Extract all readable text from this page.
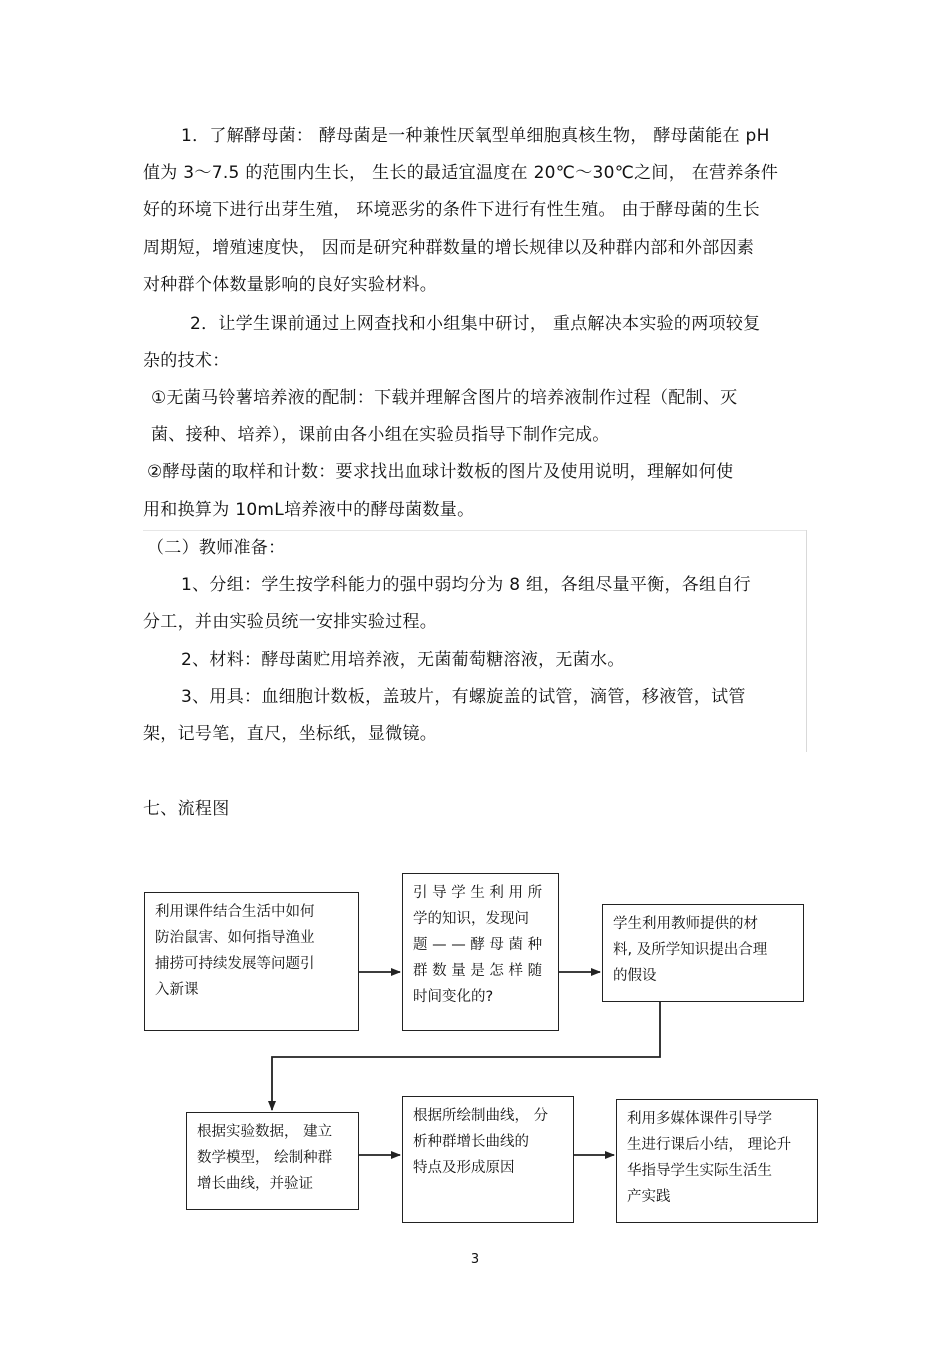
1．了解酵母菌： 酵母菌是一种兼性厌氧型单细胞真核生物， 酵母菌能在 pH
值为 3～7.5 的范围内生长， 生长的最适宜温度在 20℃～30℃之间， 在营养条件
好的环境下进行出芽生殖， 环境恶劣的条件下进行有性生殖。 由于酵母菌的生长
周期短，增殖速度快， 因而是研究种群数量的增长规律以及种群内部和外部因素
对种群个体数量影响的良好实验材料。
2．让学生课前通过上网查找和小组集中研讨， 重点解决本实验的两项较复
杂的技术：
①无菌马铃薯培养液的配制：下载并理解含图片的培养液制作过程（配制、灭
菌、接种、培养），课前由各小组在实验员指导下制作完成。
②酵母菌的取样和计数：要求找出血球计数板的图片及使用说明，理解如何使
用和换算为 10mL培养液中的酵母菌数量。
（二）教师准备：
1、分组：学生按学科能力的强中弱均分为 8 组，各组尽量平衡，各组自行
分工，并由实验员统一安排实验过程。
2、材料：酵母菌贮用培养液，无菌葡萄糖溶液，无菌水。
3、用具：血细胞计数板，盖玻片，有螺旋盖的试管，滴管，移液管，试管
架，记号笔，直尺，坐标纸，显微镜。
七、流程图
利用课件结合生活中如何
防治鼠害、如何指导渔业
捕捞可持续发展等问题引
入新课
引 导 学 生 利 用 所
学的知识，发现问
题 — — 酵 母 菌 种
群 数 量 是 怎 样 随
时间变化的?
学生利用教师提供的材
料, 及所学知识提出合理
的假设
根据实验数据， 建立
数学模型， 绘制种群
增长曲线，并验证
根据所绘制曲线， 分
析种群增长曲线的
特点及形成原因
利用多媒体课件引导学
生进行课后小结， 理论升
华指导学生实际生活生
产实践
3
